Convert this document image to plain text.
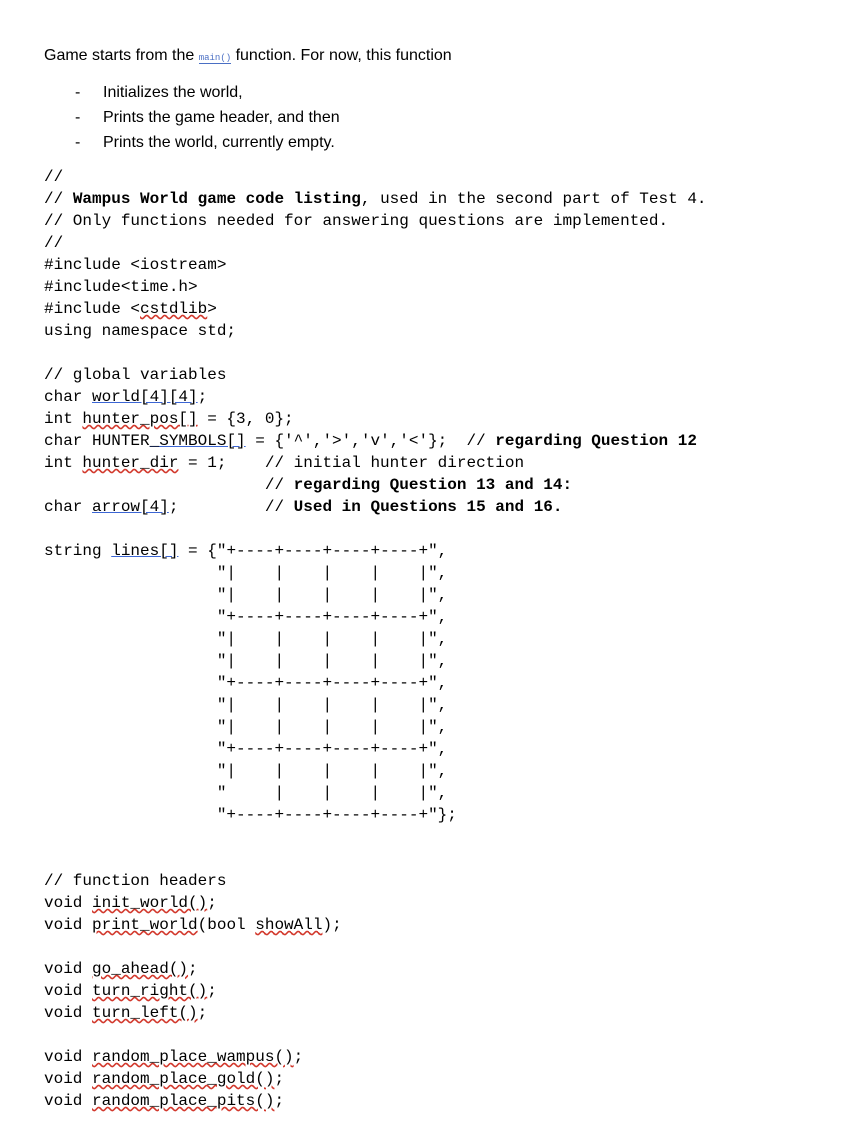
Game starts from the main() function. For now, this function
- Initializes the world,
- Prints the game header, and then
- Prints the world, currently empty.
//
// Wampus World game code listing, used in the second part of Test 4.
// Only functions needed for answering questions are implemented.
//
#include <iostream>
#include<time.h>
#include <cstdlib>
using namespace std;
// global variables
char world[4][4];
int hunter_pos[] = {3, 0};
char HUNTER_SYMBOLS[] = {'^','>','v','<'};  // regarding Question 12
int hunter_dir = 1;    // initial hunter direction
// regarding Question 13 and 14:
char arrow[4];         // Used in Questions 15 and 16.
string lines[] = {"+----+----+----+----+",
"|    |    |    |    |",
"|    |    |    |    |",
"+----+----+----+----+",
"|    |    |    |    |",
"|    |    |    |    |",
"+----+----+----+----+",
"|    |    |    |    |",
"|    |    |    |    |",
"+----+----+----+----+",
"|    |    |    |    |",
"     |    |    |    |",
"+----+----+----+----+"};
// function headers
void init_world();
void print_world(bool showAll);
void go_ahead();
void turn_right();
void turn_left();
void random_place_wampus();
void random_place_gold();
void random_place_pits();
